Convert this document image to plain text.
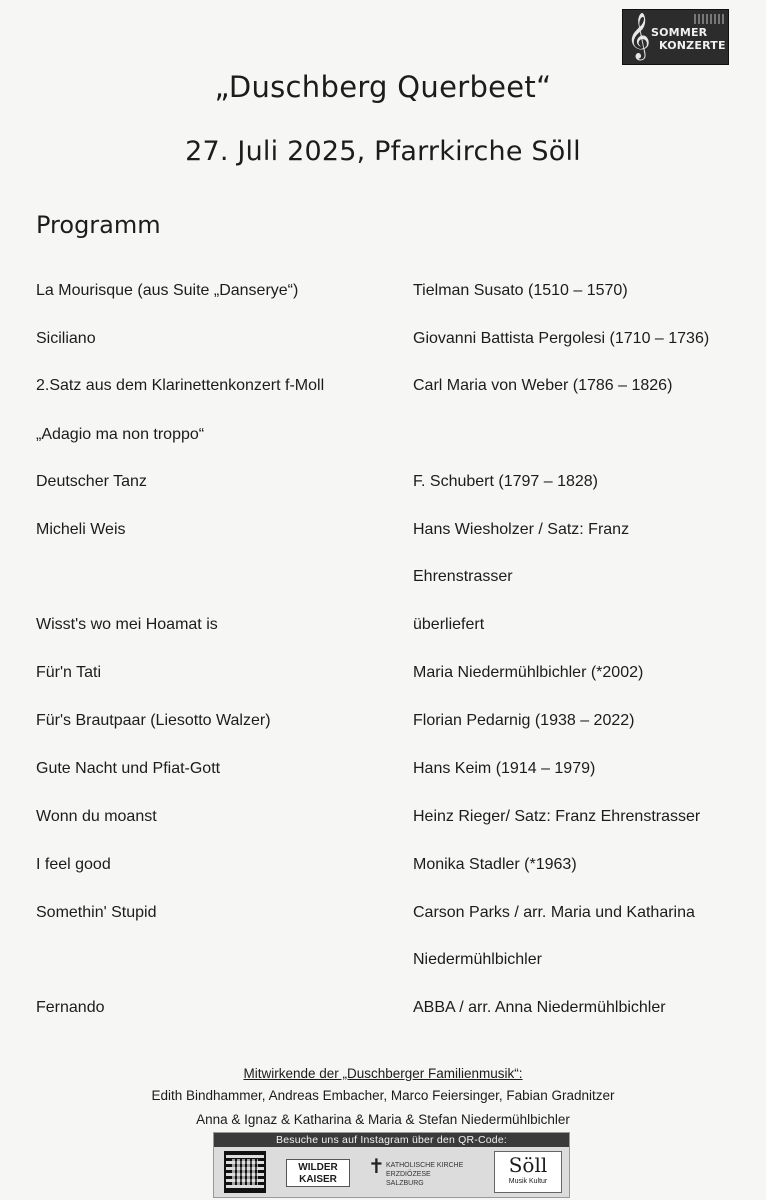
𝄞 SOMMER
KONZERTE
„Duschberg Querbeet“
27. Juli 2025, Pfarrkirche Söll
Programm
La Mourisque (aus Suite „Danserye“)	Tielman Susato (1510 – 1570)
Siciliano	Giovanni Battista Pergolesi (1710 – 1736)
2.Satz aus dem Klarinettenkonzert f-Moll	Carl Maria von Weber (1786 – 1826)
„Adagio ma non troppo“
Deutscher Tanz	F. Schubert (1797 – 1828)
Micheli Weis	Hans Wiesholzer / Satz: Franz
Ehrenstrasser
Wisst's wo mei Hoamat is	überliefert
Für'n Tati	Maria Niedermühlbichler (*2002)
Für's Brautpaar (Liesotto Walzer)	Florian Pedarnig (1938 – 2022)
Gute Nacht und Pfiat-Gott	Hans Keim (1914 – 1979)
Wonn du moanst	Heinz Rieger/ Satz: Franz Ehrenstrasser
I feel good	Monika Stadler (*1963)
Somethin' Stupid	Carson Parks / arr. Maria und Katharina
Niedermühlbichler
Fernando	ABBA / arr. Anna Niedermühlbichler
Mitwirkende der „Duschberger Familienmusik“:
Edith Bindhammer, Andreas Embacher, Marco Feiersinger, Fabian Gradnitzer
Anna & Ignaz & Katharina & Maria & Stefan Niedermühlbichler
Besuche uns auf Instagram über den QR-Code:
WILDER
KAISER
✝ KATHOLISCHE KIRCHE ERZDIÖZESE SALZBURG
Söll
Musik Kultur
